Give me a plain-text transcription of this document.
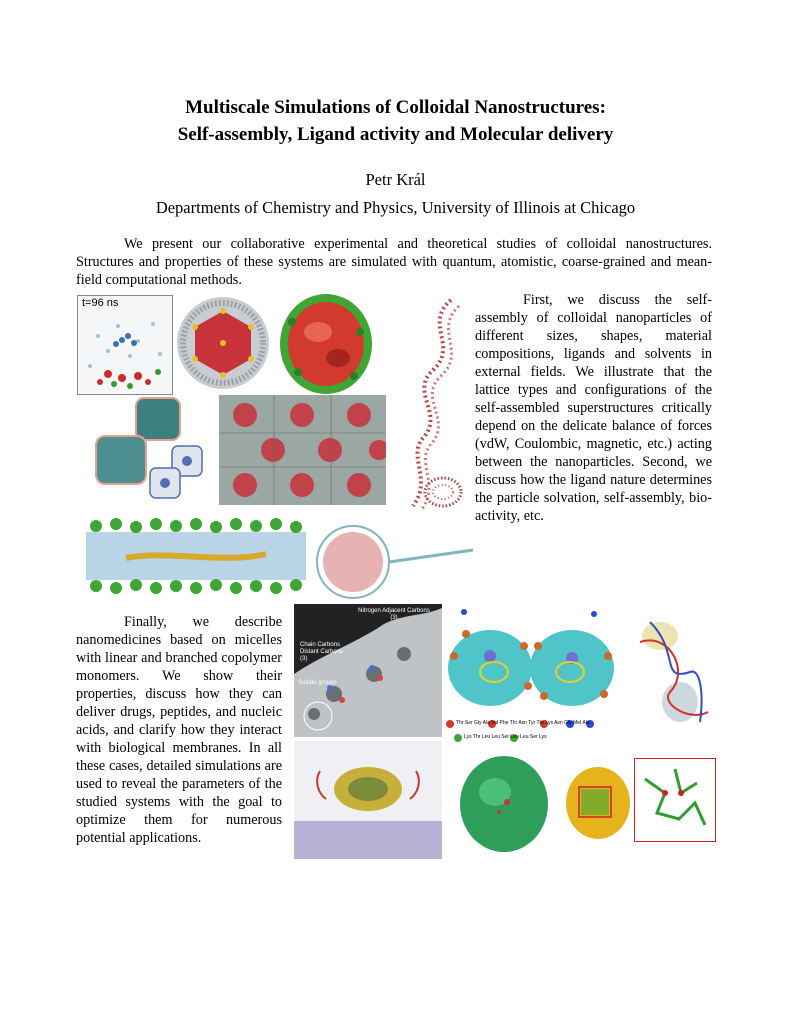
Multiscale Simulations of Colloidal Nanostructures:
Self-assembly, Ligand activity and Molecular delivery
Petr Král
Departments of Chemistry and Physics, University of Illinois at Chicago

We present our collaborative experimental and theoretical studies of colloidal nanostructures. Structures and properties of these systems are simulated with quantum, atomistic, coarse-grained and mean-field computational methods.

First, we discuss the self-assembly of colloidal nanoparticles of different sizes, shapes, material compositions, ligands and solvents in external fields. We illustrate that the lattice types and configurations of the self-assembled superstructures critically depend on the delicate balance of forces (vdW, Coulombic, magnetic, etc.) acting between the nanoparticles. Second, we discuss how the ligand nature determines the particle solvation, self-assembly, bio-activity, etc.

Finally, we describe nanomedicines based on micelles with linear and branched copolymer monomers. We show their properties, discuss how they can deliver drugs, peptides, and nucleic acids, and clarify how they interact with biological membranes. In all these cases, detailed simulations are used to reveal the parameters of the studied systems with the goal to optimize them for numerous potential applications.

t=96 ns
Nitrogen Adjacent Carbons (3)
Chain Carbons Distant Carbons (3)
Sulfate groups
Thr Ser Gly Ala Val Phe Thr Asn Tyr Thr Lys Asn Gly Met Ala
Lys Thr Leu Leu Ser Leu Leu Ser Lys
